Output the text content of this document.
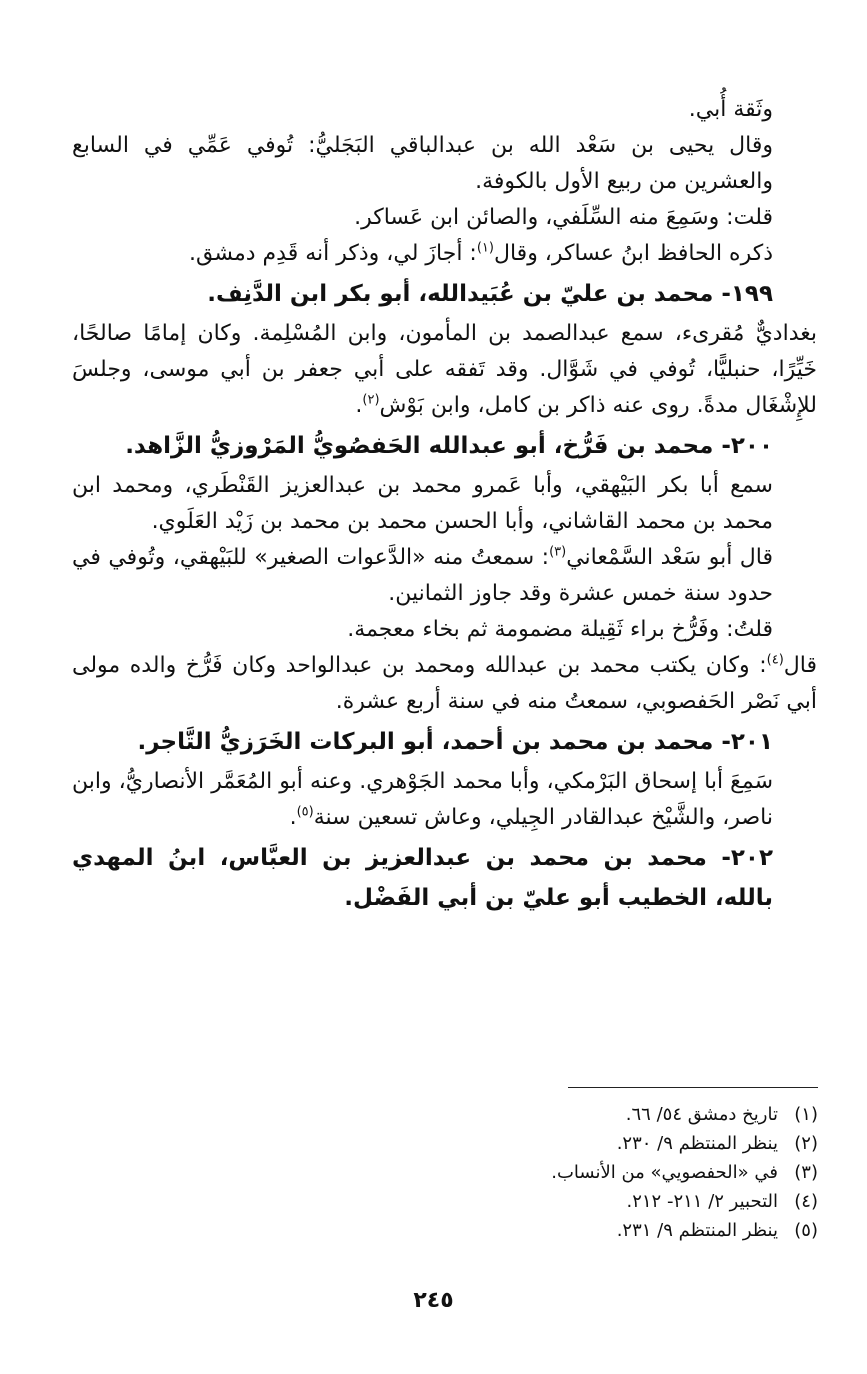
وثَقة أُبي.

وقال يحيى بن سَعْد الله بن عبدالباقي البَجَليُّ: تُوفي عَمِّي في السابع والعشرين من ربيع الأول بالكوفة.

قلت: وسَمِعَ منه السِّلَفي، والصائن ابن عَساكر.

ذكره الحافظ ابنُ عساكر، وقال$^{(١)}$: أجازَ لي، وذكر أنه قَدِم دمشق.

١٩٩- محمد بن عليّ بن عُبَيدالله، أبو بكر ابن الدَّنِف.

بغداديٌّ مُقرىء، سمع عبدالصمد بن المأمون، وابن المُسْلِمة. وكان إمامًا صالحًا، خَيِّرًا، حنبليًّا، تُوفي في شَوَّال. وقد تَفقه على أبي جعفر بن أبي موسى، وجلسَ للإِشْغَال مدةً. روى عنه ذاكر بن كامل، وابن بَوْش$^{(٢)}$.

٢٠٠- محمد بن فَرُّخ، أبو عبدالله الحَفصُويُّ المَرْوزيُّ الزَّاهد.

سمع أبا بكر البَيْهقي، وأبا عَمرو محمد بن عبدالعزيز القَنْطَري، ومحمد ابن محمد بن محمد القاشاني، وأبا الحسن محمد بن محمد بن زَيْد العَلَوي.

قال أبو سَعْد السَّمْعاني$^{(٣)}$: سمعتُ منه «الدَّعوات الصغير» للبَيْهقي، وتُوفي في حدود سنة خمس عشرة وقد جاوز الثمانين.

قلتُ: وفَرُّخ براء ثَقِيلة مضمومة ثم بخاء معجمة.

قال$^{(٤)}$: وكان يكتب محمد بن عبدالله ومحمد بن عبدالواحد وكان فَرُّخ والده مولى أبي نَصْر الحَفصوبي، سمعتُ منه في سنة أربع عشرة.

٢٠١- محمد بن محمد بن أحمد، أبو البركات الخَرَزيُّ التَّاجر.

سَمِعَ أبا إسحاق البَرْمكي، وأبا محمد الجَوْهري. وعنه أبو المُعَمَّر الأنصاريُّ، وابن ناصر، والشَّيْخ عبدالقادر الجِيلي، وعاش تسعين سنة$^{(٥)}$.

٢٠٢- محمد بن محمد بن عبدالعزيز بن العبَّاس، ابنُ المهدي بالله، الخطيب أبو عليّ بن أبي الفَضْل.

(١)تاريخ دمشق ٥٤/ ٦٦.
(٢)ينظر المنتظم ٩/ ٢٣٠.
(٣)في «الحفصويي» من الأنساب.
(٤)التحبير ٢/ ٢١١- ٢١٢.
(٥)ينظر المنتظم ٩/ ٢٣١.
٢٤٥
